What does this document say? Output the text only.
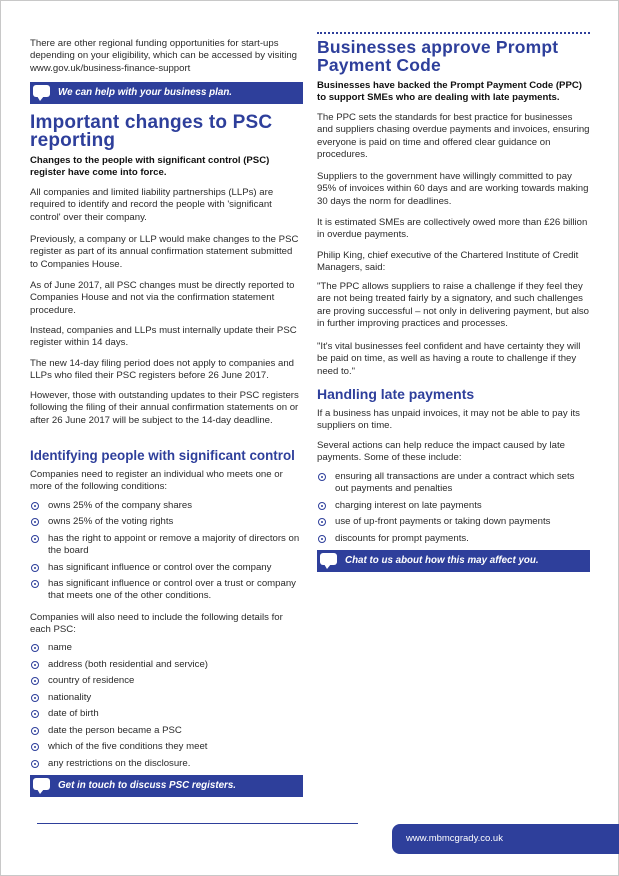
There are other regional funding opportunities for start-ups depending on your eligibility, which can be accessed by visiting www.gov.uk/business-finance-support

We can help with your business plan.
Important changes to PSC reporting

Changes to the people with significant control (PSC) register have come into force.

All companies and limited liability partnerships (LLPs) are required to identify and record the people with 'significant control' over their company.

Previously, a company or LLP would make changes to the PSC register as part of its annual confirmation statement submitted to Companies House.

As of June 2017, all PSC changes must be directly reported to Companies House and not via the confirmation statement procedure.

Instead, companies and LLPs must internally update their PSC register within 14 days.

The new 14-day filing period does not apply to companies and LLPs who filed their PSC registers before 26 June 2017.

However, those with outstanding updates to their PSC registers following the filing of their annual confirmation statements on or after 26 June 2017 will be subject to the 14-day deadline.

Identifying people with significant control

Companies need to register an individual who meets one or more of the following conditions:

owns 25% of the company shares
owns 25% of the voting rights
has the right to appoint or remove a majority of directors on the board
has significant influence or control over the company
has significant influence or control over a trust or company that meets one of the other conditions.

Companies will also need to include the following details for each PSC:

name
address (both residential and service)
country of residence
nationality
date of birth
date the person became a PSC
which of the five conditions they meet
any restrictions on the disclosure.
Get in touch to discuss PSC registers.
Businesses approve Prompt Payment Code

Businesses have backed the Prompt Payment Code (PPC) to support SMEs who are dealing with late payments.

The PPC sets the standards for best practice for businesses and suppliers chasing overdue payments and invoices, ensuring everyone is paid on time and offered clear guidance on procedures.

Suppliers to the government have willingly committed to pay 95% of invoices within 60 days and are working towards making 30 days the norm for deadlines.

It is estimated SMEs are collectively owed more than £26 billion in overdue payments.

Philip King, chief executive of the Chartered Institute of Credit Managers, said:

"The PPC allows suppliers to raise a challenge if they feel they are not being treated fairly by a signatory, and such challenges are proving successful – not only in delivering payment, but also in further improving practices and processes.

"It's vital businesses feel confident and have certainty they will be paid on time, as well as having a route to challenge if they need to."

Handling late payments

If a business has unpaid invoices, it may not be able to pay its suppliers on time.

Several actions can help reduce the impact caused by late payments. Some of these include:

ensuring all transactions are under a contract which sets out payments and penalties
charging interest on late payments
use of up-front payments or taking down payments
discounts for prompt payments.
Chat to us about how this may affect you.
www.mbmcgrady.co.uk
